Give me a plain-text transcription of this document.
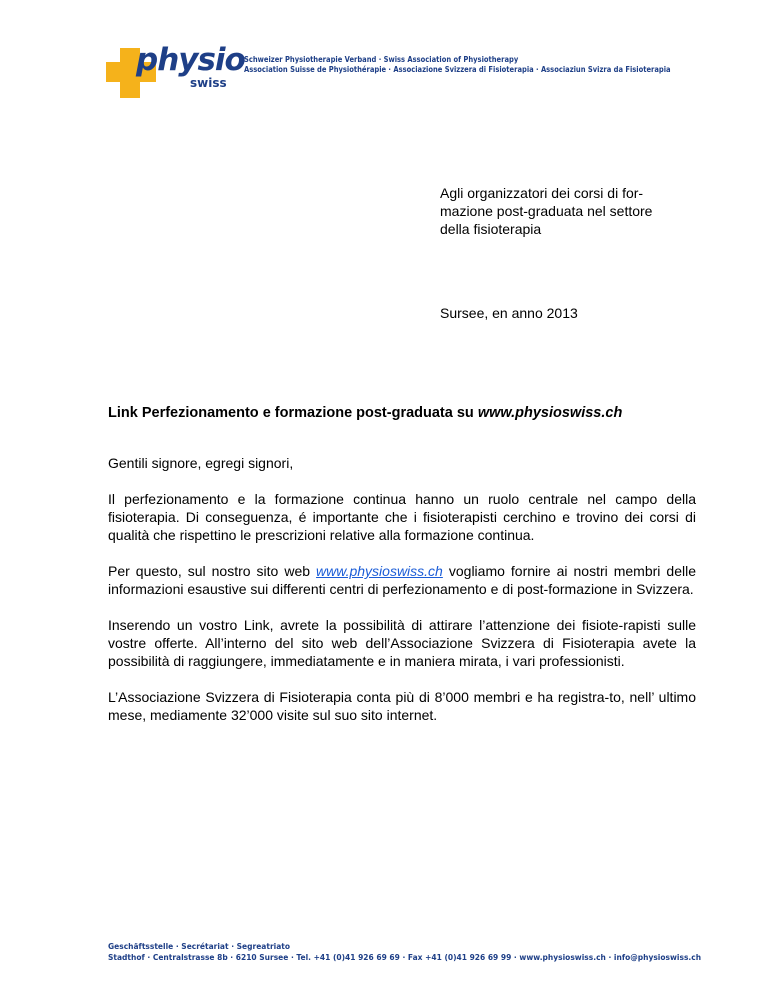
physio
swiss
Schweizer Physiotherapie Verband · Swiss Association of Physiotherapy
Association Suisse de Physiothérapie · Associazione Svizzera di Fisioterapia · Associaziun Svizra da Fisioterapia
Agli organizzatori dei corsi di for-
mazione post-graduata nel settore
della fisioterapia
Sursee, en anno 2013
Link Perfezionamento e formazione post-graduata su www.physioswiss.ch

Gentili signore, egregi signori,

Il perfezionamento e la formazione continua hanno un ruolo centrale nel campo della fisioterapia. Di conseguenza, é importante che i fisioterapisti cerchino e trovino dei corsi di qualità che rispettino le prescrizioni relative alla formazione continua.

Per questo, sul nostro sito web www.physioswiss.ch vogliamo fornire ai nostri membri delle informazioni esaustive sui differenti centri di perfezionamento e di post-formazione in Svizzera.

Inserendo un vostro Link, avrete la possibilità di attirare l’attenzione dei fisiote-rapisti sulle vostre offerte. All’interno del sito web dell’Associazione Svizzera di Fisioterapia avete la possibilità di raggiungere, immediatamente e in maniera mirata, i vari professionisti.

L’Associazione Svizzera di Fisioterapia conta più di 8’000 membri e ha registra-to, nell’ ultimo mese, mediamente 32’000 visite sul suo sito internet.

Geschäftsstelle · Secrétariat · Segreatriato
Stadthof · Centralstrasse 8b · 6210 Sursee · Tel. +41 (0)41 926 69 69 · Fax +41 (0)41 926 69 99 · www.physioswiss.ch · info@physioswiss.ch
